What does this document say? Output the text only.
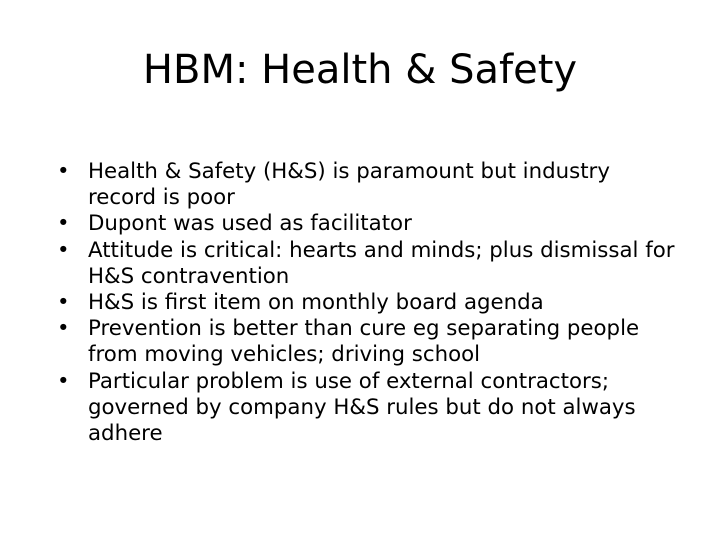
HBM: Health & Safety
• Health & Safety (H&S) is paramount but industry record is poor
• Dupont was used as facilitator
• Attitude is critical: hearts and minds; plus dismissal for H&S contravention
• H&S is first item on monthly board agenda
• Prevention is better than cure eg separating people from moving vehicles; driving school
• Particular problem is use of external contractors; governed by company H&S rules but do not always adhere
